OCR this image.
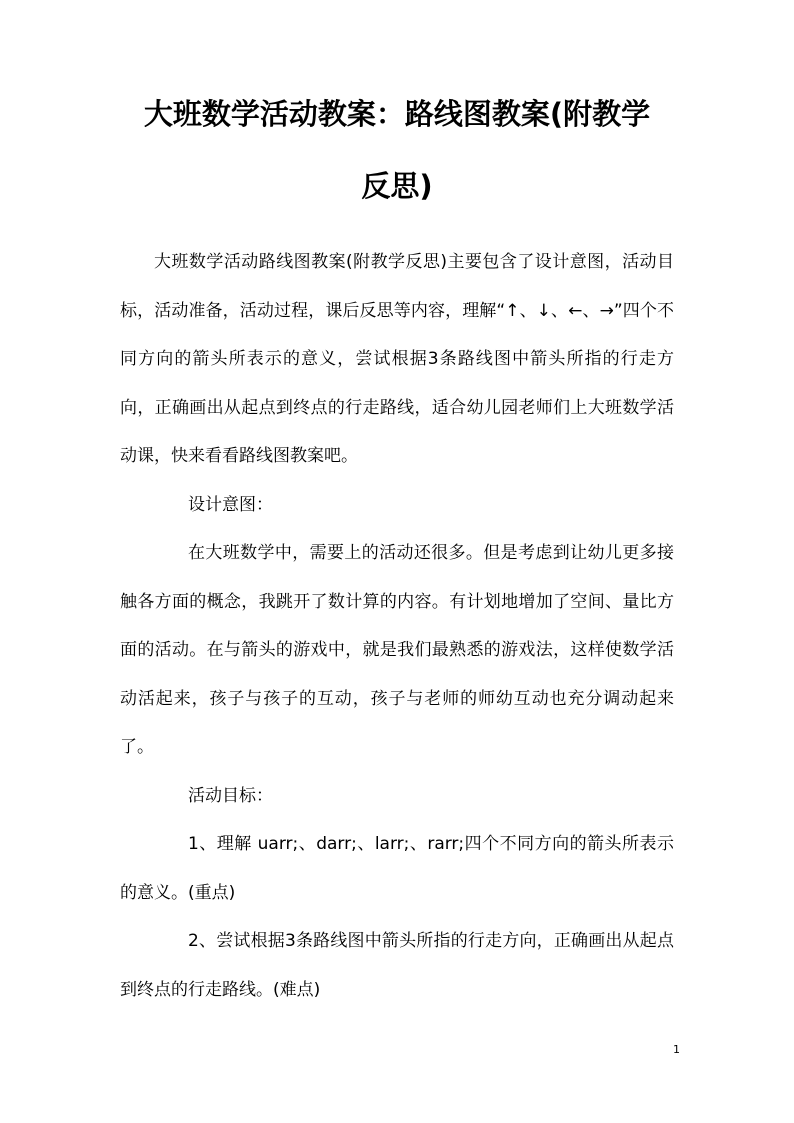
大班数学活动教案：路线图教案(附教学
反思)

大班数学活动路线图教案(附教学反思)主要包含了设计意图，活动目标，活动准备，活动过程，课后反思等内容，理解“↑、↓、←、→”四个不同方向的箭头所表示的意义，尝试根据3条路线图中箭头所指的行走方向，正确画出从起点到终点的行走路线，适合幼儿园老师们上大班数学活动课，快来看看路线图教案吧。

设计意图：

在大班数学中，需要上的活动还很多。但是考虑到让幼儿更多接触各方面的概念，我跳开了数计算的内容。有计划地增加了空间、量比方面的活动。在与箭头的游戏中，就是我们最熟悉的游戏法，这样使数学活动活起来，孩子与孩子的互动，孩子与老师的师幼互动也充分调动起来了。

活动目标：

1、理解 uarr;、darr;、larr;、rarr;四个不同方向的箭头所表示的意义。(重点)

2、尝试根据3条路线图中箭头所指的行走方向，正确画出从起点到终点的行走路线。(难点)

1
